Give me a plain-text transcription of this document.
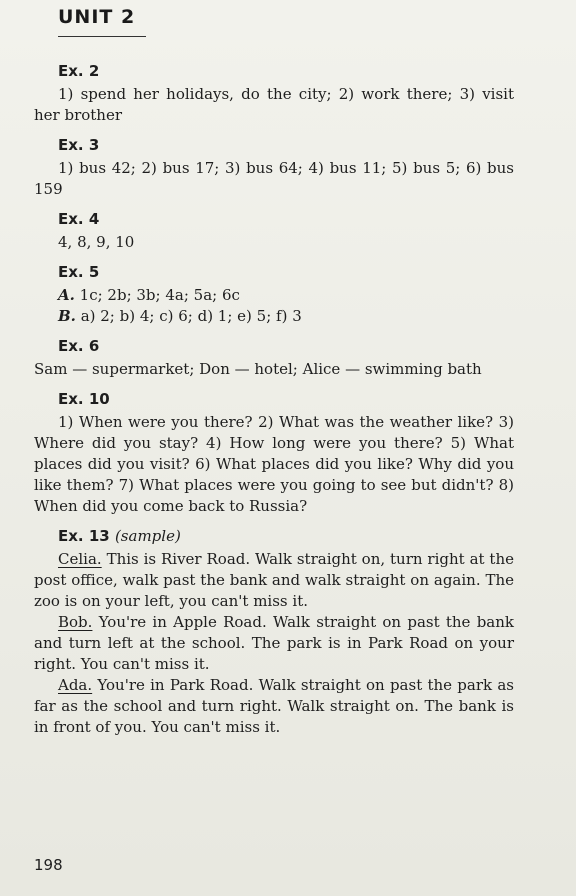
UNIT 2
Ex. 2

1) spend her holidays, do the city; 2) work there; 3) visit her brother

Ex. 3

1) bus 42; 2) bus 17; 3) bus 64; 4) bus 11; 5) bus 5; 6) bus 159

Ex. 4

4, 8, 9, 10

Ex. 5

A. 1c; 2b; 3b; 4a; 5a; 6c

B. a) 2; b) 4; c) 6; d) 1; e) 5; f) 3

Ex. 6

Sam — supermarket; Don — hotel; Alice — swimming bath

Ex. 10

1) When were you there? 2) What was the weather like? 3) Where did you stay? 4) How long were you there? 5) What places did you visit? 6) What places did you like? Why did you like them? 7) What places were you going to see but didn't? 8) When did you come back to Russia?

Ex. 13 (sample)

Celia. This is River Road. Walk straight on, turn right at the post office, walk past the bank and walk straight on again. The zoo is on your left, you can't miss it.

Bob. You're in Apple Road. Walk straight on past the bank and turn left at the school. The park is in Park Road on your right. You can't miss it.

Ada. You're in Park Road. Walk straight on past the park as far as the school and turn right. Walk straight on. The bank is in front of you. You can't miss it.

198
